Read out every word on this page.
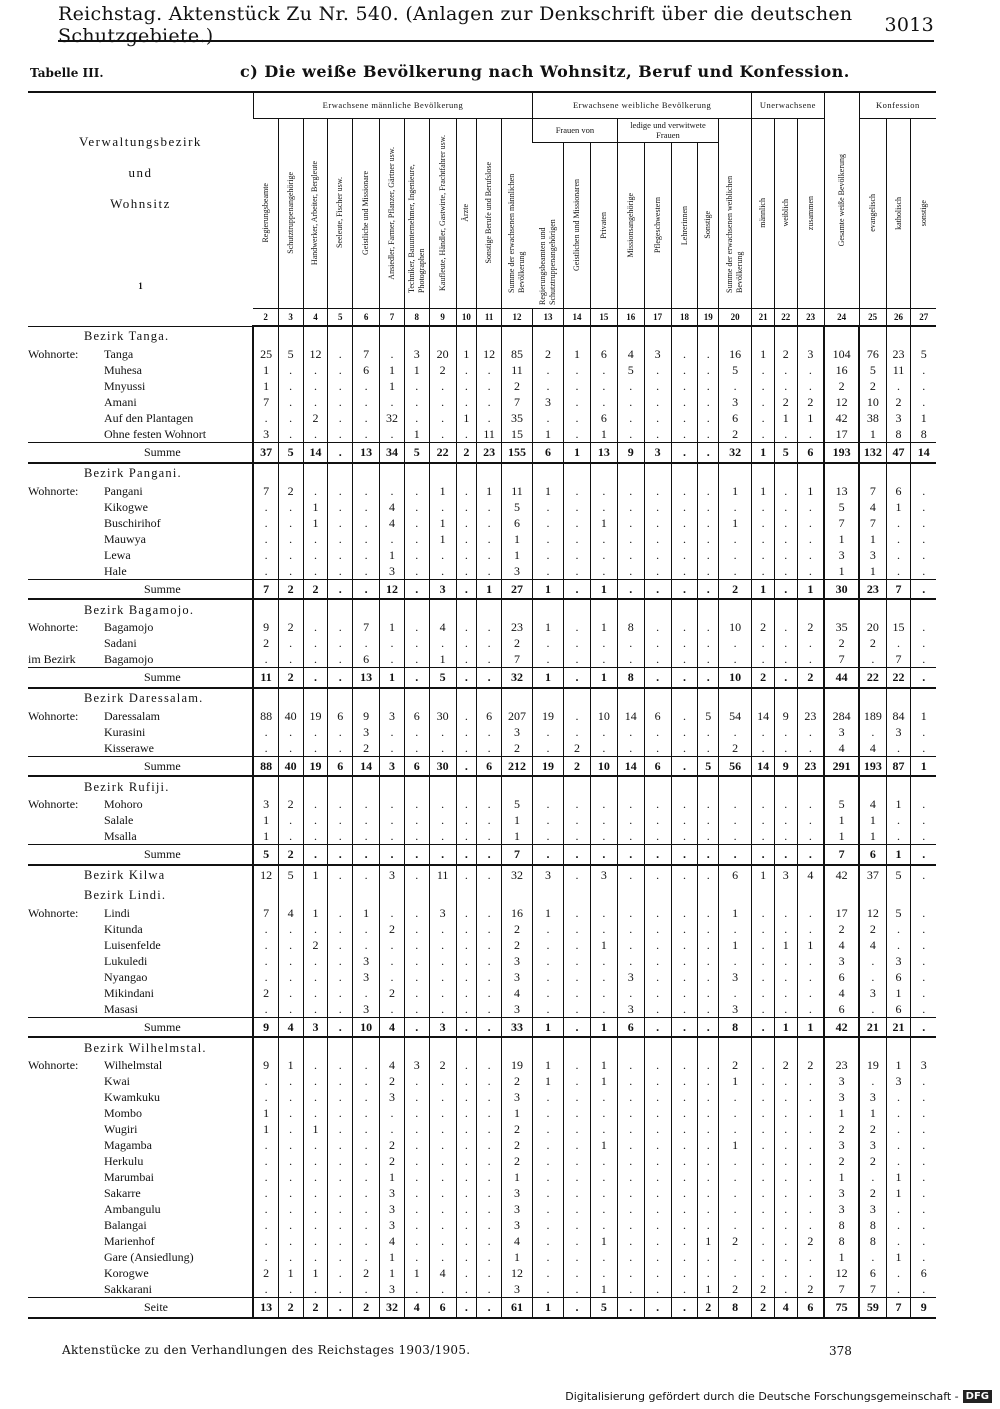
Reichstag. Aktenstück Zu Nr. 540. (Anlagen zur Denkschrift über die deutschen Schutzgebiete.)	3013
Tabelle III.	c) Die weiße Bevölkerung nach Wohnsitz, Beruf und Konfession.
Verwaltungsbezirk
und
Wohnsitz
1	Erwachsene männliche Bevölkerung											Erwachsene weibliche Bevölkerung								Unerwachsene			Gesamte weiße Bevölkerung	Konfession		

	Regierungsbeamte	Schutztruppenangehörige	Handwerker, Arbeiter, Bergleute	Seeleute, Fischer usw.	Geistliche und Missionare	Ansiedler, Farmer, Pflanzer, Gärtner usw.	Techniker, Bauunternehmer, Ingenieure, Photographen	Kaufleute, Händler, Gastwirte, Frachtfahrer usw.	Ärzte	Sonstige Berufe und Berufslose	Summe der erwachsenen männlichen Bevölkerung	Frauen von			ledige und verwitwete Frauen				Summe der erwachsenen weiblichen Bevölkerung	männlich	weiblich	zusammen		evangelisch	katholisch	sonstige

												Regierungsbeamten und Schutztruppenangehörigen	Geistlichen und Missionaren	Privaten	Missionsangehörige	Pflegeschwestern	Lehrerinnen	Sonstige								

	2	3	4	5	6	7	8	9	10	11	12	13	14	15	16	17	18	19	20	21	22	23	24	25	26	27
Bezirk Tanga.																										
Wohnorte: Tanga	25	5	12	.	7	.	3	20	1	12	85	2	1	6	4	3	.	.	16	1	2	3	104	76	23	5
Muhesa	1	.	.	.	6	1	1	2	.	.	11	.	.	.	5	.	.	.	5	.	.	.	16	5	11	.
Mnyussi	1	.	.	.	.	1	.	.	.	.	2	.	.	.	.	.	.	.	.	.	.	.	2	2	.	.
Amani	7	.	.	.	.	.	.	.	.	.	7	3	.	.	.	.	.	.	3	.	2	2	12	10	2	.
Auf den Plantagen	.	.	2	.	.	32	.	.	1	.	35	.	.	6	.	.	.	.	6	.	1	1	42	38	3	1
Ohne festen Wohnort	3	.	.	.	.	.	1	.	.	11	15	1	.	1	.	.	.	.	2	.	.	.	17	1	8	8
Summe	37	5	14	.	13	34	5	22	2	23	155	6	1	13	9	3	.	.	32	1	5	6	193	132	47	14
Bezirk Pangani.																										
Wohnorte: Pangani	7	2	.	.	.	.	.	1	.	1	11	1	.	.	.	.	.	.	1	1	.	1	13	7	6	.
Kikogwe	.	.	1	.	.	4	.	.	.	.	5	.	.	.	.	.	.	.	.	.	.	.	5	4	1	.
Buschirihof	.	.	1	.	.	4	.	1	.	.	6	.	.	1	.	.	.	.	1	.	.	.	7	7	.	.
Mauwya	.	.	.	.	.	.	.	1	.	.	1	.	.	.	.	.	.	.	.	.	.	.	1	1	.	.
Lewa	.	.	.	.	.	1	.	.	.	.	1	.	.	.	.	.	.	.	.	.	.	.	3	3	.	.
Hale	.	.	.	.	.	3	.	.	.	.	3	.	.	.	.	.	.	.	.	.	.	.	1	1	.	.
Summe	7	2	2	.	.	12	.	3	.	1	27	1	.	1	.	.	.	.	2	1	.	1	30	23	7	.
Bezirk Bagamojo.																										
Wohnorte: Bagamojo	9	2	.	.	7	1	.	4	.	.	23	1	.	1	8	.	.	.	10	2	.	2	35	20	15	.
Sadani	2	.	.	.	.	.	.	.	.	.	2	.	.	.	.	.	.	.	.	.	.	.	2	2	.	.
im Bezirk Bagamojo	.	.	.	.	6	.	.	1	.	.	7	.	.	.	.	.	.	.	.	.	.	.	7	.	7	.
Summe	11	2	.	.	13	1	.	5	.	.	32	1	.	1	8	.	.	.	10	2	.	2	44	22	22	.
Bezirk Daressalam.																										
Wohnorte: Daressalam	88	40	19	6	9	3	6	30	.	6	207	19	.	10	14	6	.	5	54	14	9	23	284	189	84	1
Kurasini	.	.	.	.	3	.	.	.	.	.	3	.	.	.	.	.	.	.	.	.	.	.	3	.	3	.
Kisserawe	.	.	.	.	2	.	.	.	.	.	2	.	2	.	.	.	.	.	2	.	.	.	4	4	.	.
Summe	88	40	19	6	14	3	6	30	.	6	212	19	2	10	14	6	.	5	56	14	9	23	291	193	87	1
Bezirk Rufiji.																										
Wohnorte: Mohoro	3	2	.	.	.	.	.	.	.	.	5	.	.	.	.	.	.	.	.	.	.	.	5	4	1	.
Salale	1	.	.	.	.	.	.	.	.	.	1	.	.	.	.	.	.	.	.	.	.	.	1	1	.	.
Msalla	1	.	.	.	.	.	.	.	.	.	1	.	.	.	.	.	.	.	.	.	.	.	1	1	.	.
Summe	5	2	.	.	.	.	.	.	.	.	7	.	.	.	.	.	.	.	.	.	.	.	7	6	1	.
Bezirk Kilwa	12	5	1	.	.	3	.	11	.	.	32	3	.	3	.	.	.	.	6	1	3	4	42	37	5	.
Bezirk Lindi.																										
Wohnorte: Lindi	7	4	1	.	1	.	.	3	.	.	16	1	.	.	.	.	.	.	1	.	.	.	17	12	5	.
Kitunda	.	.	.	.	.	2	.	.	.	.	2	.	.	.	.	.	.	.	.	.	.	.	2	2	.	.
Luisenfelde	.	.	2	.	.	.	.	.	.	.	2	.	.	1	.	.	.	.	1	.	1	1	4	4	.	.
Lukuledi	.	.	.	.	3	.	.	.	.	.	3	.	.	.	.	.	.	.	.	.	.	.	3	.	3	.
Nyangao	.	.	.	.	3	.	.	.	.	.	3	.	.	.	3	.	.	.	3	.	.	.	6	.	6	.
Mikindani	2	.	.	.	.	2	.	.	.	.	4	.	.	.	.	.	.	.	.	.	.	.	4	3	1	.
Masasi	.	.	.	.	3	.	.	.	.	.	3	.	.	.	3	.	.	.	3	.	.	.	6	.	6	.
Summe	9	4	3	.	10	4	.	3	.	.	33	1	.	1	6	.	.	.	8	.	1	1	42	21	21	.
Bezirk Wilhelmstal.																										
Wohnorte: Wilhelmstal	9	1	.	.	.	4	3	2	.	.	19	1	.	1	.	.	.	.	2	.	2	2	23	19	1	3
Kwai	.	.	.	.	.	2	.	.	.	.	2	1	.	1	.	.	.	.	1	.	.	.	3	.	3	.
Kwamkuku	.	.	.	.	.	3	.	.	.	.	3	.	.	.	.	.	.	.	.	.	.	.	3	3	.	.
Mombo	1	.	.	.	.	.	.	.	.	.	1	.	.	.	.	.	.	.	.	.	.	.	1	1	.	.
Wugiri	1	.	1	.	.	.	.	.	.	.	2	.	.	.	.	.	.	.	.	.	.	.	2	2	.	.
Magamba	.	.	.	.	.	2	.	.	.	.	2	.	.	1	.	.	.	.	1	.	.	.	3	3	.	.
Herkulu	.	.	.	.	.	2	.	.	.	.	2	.	.	.	.	.	.	.	.	.	.	.	2	2	.	.
Marumbai	.	.	.	.	.	1	.	.	.	.	1	.	.	.	.	.	.	.	.	.	.	.	1	.	1	.
Sakarre	.	.	.	.	.	3	.	.	.	.	3	.	.	.	.	.	.	.	.	.	.	.	3	2	1	.
Ambangulu	.	.	.	.	.	3	.	.	.	.	3	.	.	.	.	.	.	.	.	.	.	.	3	3	.	.
Balangai	.	.	.	.	.	3	.	.	.	.	3	.	.	.	.	.	.	.	.	.	.	.	8	8	.	.
Marienhof	.	.	.	.	.	4	.	.	.	.	4	.	.	1	.	.	.	1	2	.	.	2	8	8	.	.
Gare (Ansiedlung)	.	.	.	.	.	1	.	.	.	.	1	.	.	.	.	.	.	.	.	.	.	.	1	.	1	.
Korogwe	2	1	1	.	2	1	1	4	.	.	12	.	.	.	.	.	.	.	.	.	.	.	12	6	.	6
Sakkarani	.	.	.	.	.	3	.	.	.	.	3	.	.	1	.	.	.	1	2	2	.	2	7	7	.	.
Seite	13	2	2	.	2	32	4	6	.	.	61	1	.	5	.	.	.	2	8	2	4	6	75	59	7	9
Aktenstücke zu den Verhandlungen des Reichstages 1903/1905.	378
Digitalisierung gefördert durch die Deutsche Forschungsgemeinschaft - DFG
